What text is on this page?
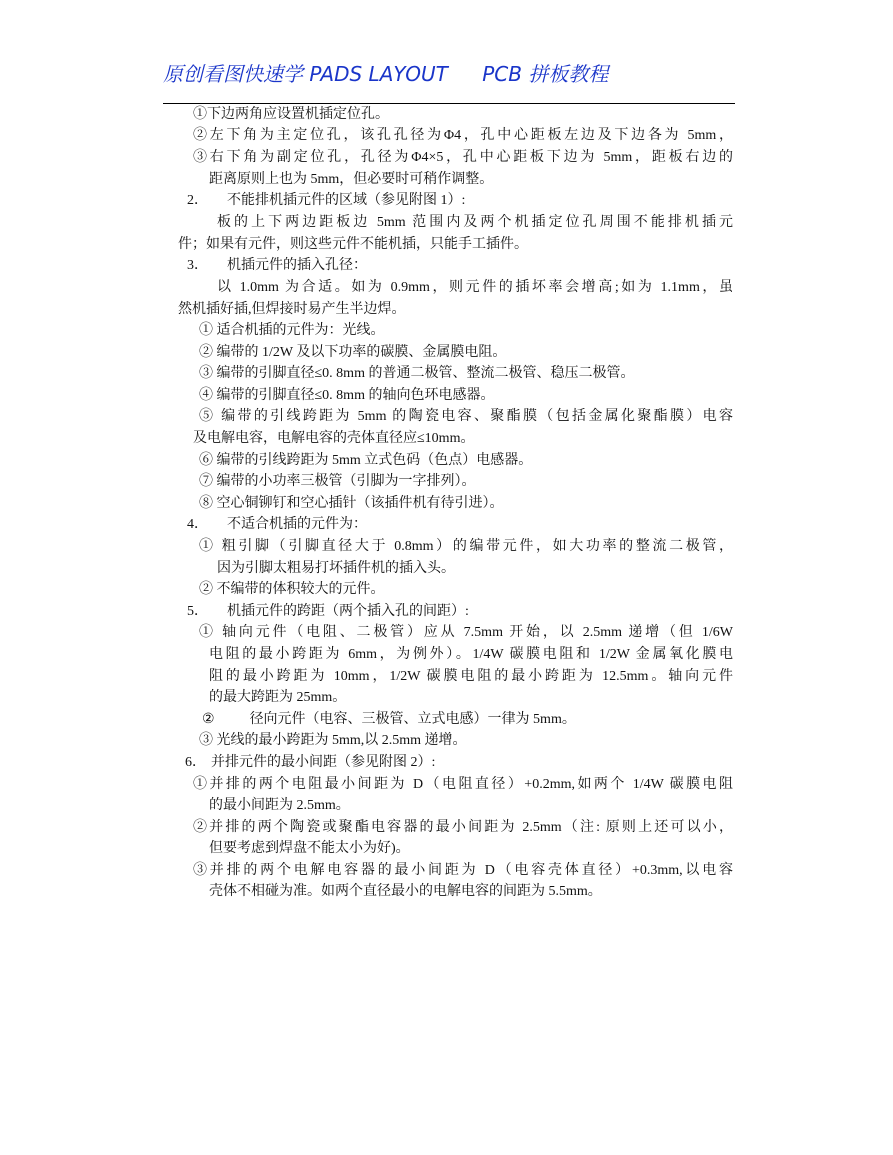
原创看图快速学 PADS LAYOUT PCB 拼板教程
①下边两角应设置机插定位孔。
②左下角为主定位孔，该孔孔径为Φ4，孔中心距板左边及下边各为 5mm，
③右下角为副定位孔，孔径为Φ4×5，孔中心距板下边为 5mm，距板右边的
距离原则上也为 5mm，但必要时可稍作调整。
2． 不能排机插元件的区域（参见附图 1）:
板的上下两边距板边 5mm 范围内及两个机插定位孔周围不能排机插元
件；如果有元件，则这些元件不能机插，只能手工插件。
3． 机插元件的插入孔径：
以 1.0mm 为合适。如为 0.9mm，则元件的插坏率会增高;如为 1.1mm，虽
然机插好插,但焊接时易产生半边焊。
① 适合机插的元件为：光线。
② 编带的 1/2W 及以下功率的碳膜、金属膜电阻。
③ 编带的引脚直径≤0. 8mm 的普通二极管、整流二极管、稳压二极管。
④ 编带的引脚直径≤0. 8mm 的轴向色环电感器。
⑤ 编带的引线跨距为 5mm 的陶瓷电容、聚酯膜（包括金属化聚酯膜）电容
及电解电容，电解电容的壳体直径应≤10mm。
⑥ 编带的引线跨距为 5mm 立式色码（色点）电感器。
⑦ 编带的小功率三极管（引脚为一字排列）。
⑧ 空心铜铆钉和空心插针（该插件机有待引进）。
4． 不适合机插的元件为：
① 粗引脚（引脚直径大于 0.8mm）的编带元件，如大功率的整流二极管，
因为引脚太粗易打坏插件机的插入头。
② 不编带的体积较大的元件。
5． 机插元件的跨距（两个插入孔的间距）:
① 轴向元件（电阻、二极管）应从 7.5mm 开始，以 2.5mm 递增（但 1/6W
电阻的最小跨距为 6mm，为例外）。1/4W 碳膜电阻和 1/2W 金属氧化膜电
阻的最小跨距为 10mm，1/2W 碳膜电阻的最小跨距为 12.5mm。轴向元件
的最大跨距为 25mm。
②	径向元件（电容、三极管、立式电感）一律为 5mm。
③ 光线的最小跨距为 5mm,以 2.5mm 递增。
6． 并排元件的最小间距（参见附图 2）:
①并排的两个电阻最小间距为 D（电阻直径）+0.2mm,如两个 1/4W 碳膜电阻
的最小间距为 2.5mm。
②并排的两个陶瓷或聚酯电容器的最小间距为 2.5mm（注: 原则上还可以小，
但要考虑到焊盘不能太小为好)。
③并排的两个电解电容器的最小间距为 D（电容壳体直径）+0.3mm,以电容
壳体不相碰为准。如两个直径最小的电解电容的间距为 5.5mm。
